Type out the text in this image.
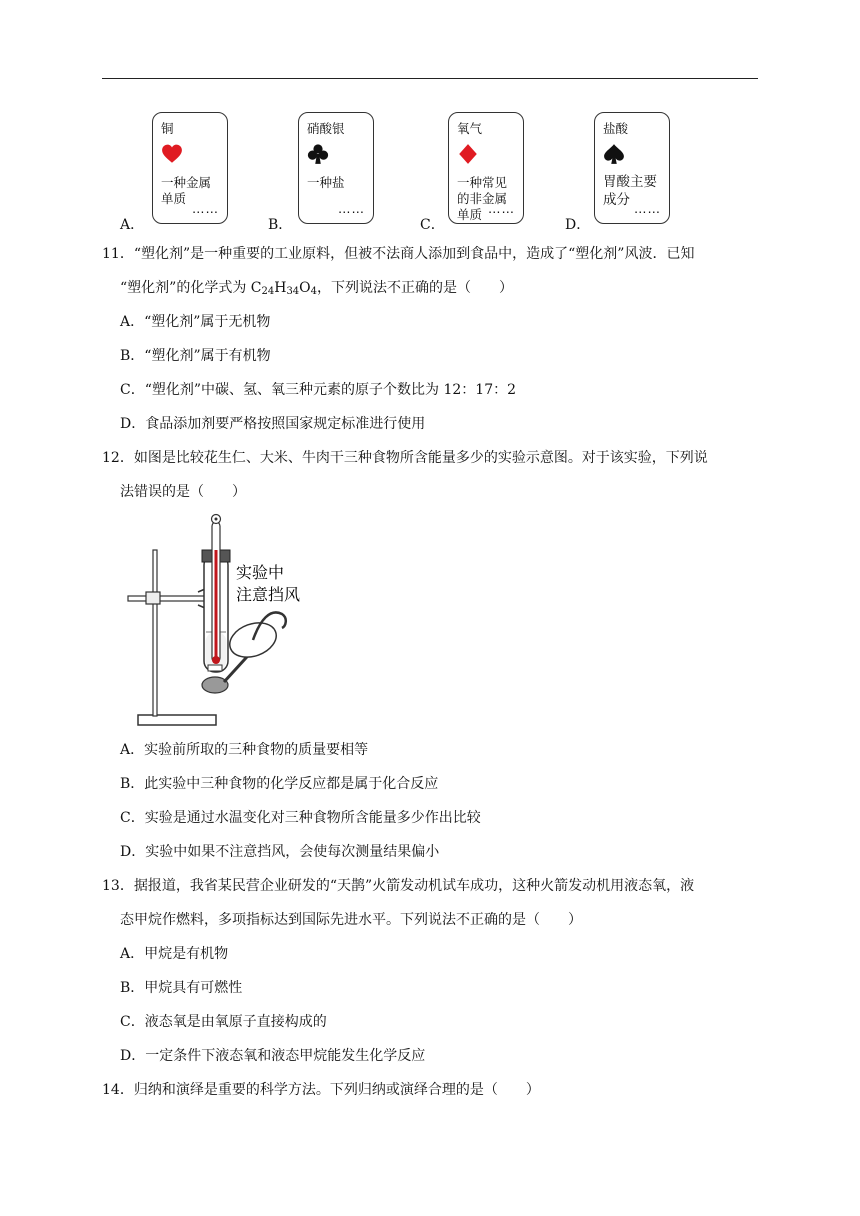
A．
铜
一种金属单质
……
B．
硝酸银
一种盐
……
C．
氧气
一种常见的非金属单质 ……
D．
盐酸
胃酸主要成分
……
11．“塑化剂”是一种重要的工业原料，但被不法商人添加到食品中，造成了“塑化剂”风波．已知
“塑化剂”的化学式为 $C_{24}H_{34}O_4$，下列说法不正确的是（　　）
A．“塑化剂”属于无机物
B．“塑化剂”属于有机物
C．“塑化剂”中碳、氢、氧三种元素的原子个数比为 12：17：2
D．食品添加剂要严格按照国家规定标准进行使用
12．如图是比较花生仁、大米、牛肉干三种食物所含能量多少的实验示意图。对于该实验，下列说
法错误的是（　　）
实验中
注意挡风
A．实验前所取的三种食物的质量要相等
B．此实验中三种食物的化学反应都是属于化合反应
C．实验是通过水温变化对三种食物所含能量多少作出比较
D．实验中如果不注意挡风，会使每次测量结果偏小
13．据报道，我省某民营企业研发的“天鹊”火箭发动机试车成功，这种火箭发动机用液态氧，液
态甲烷作燃料，多项指标达到国际先进水平。下列说法不正确的是（　　）
A．甲烷是有机物
B．甲烷具有可燃性
C．液态氧是由氧原子直接构成的
D．一定条件下液态氧和液态甲烷能发生化学反应
14．归纳和演绎是重要的科学方法。下列归纳或演绎合理的是（　　）
